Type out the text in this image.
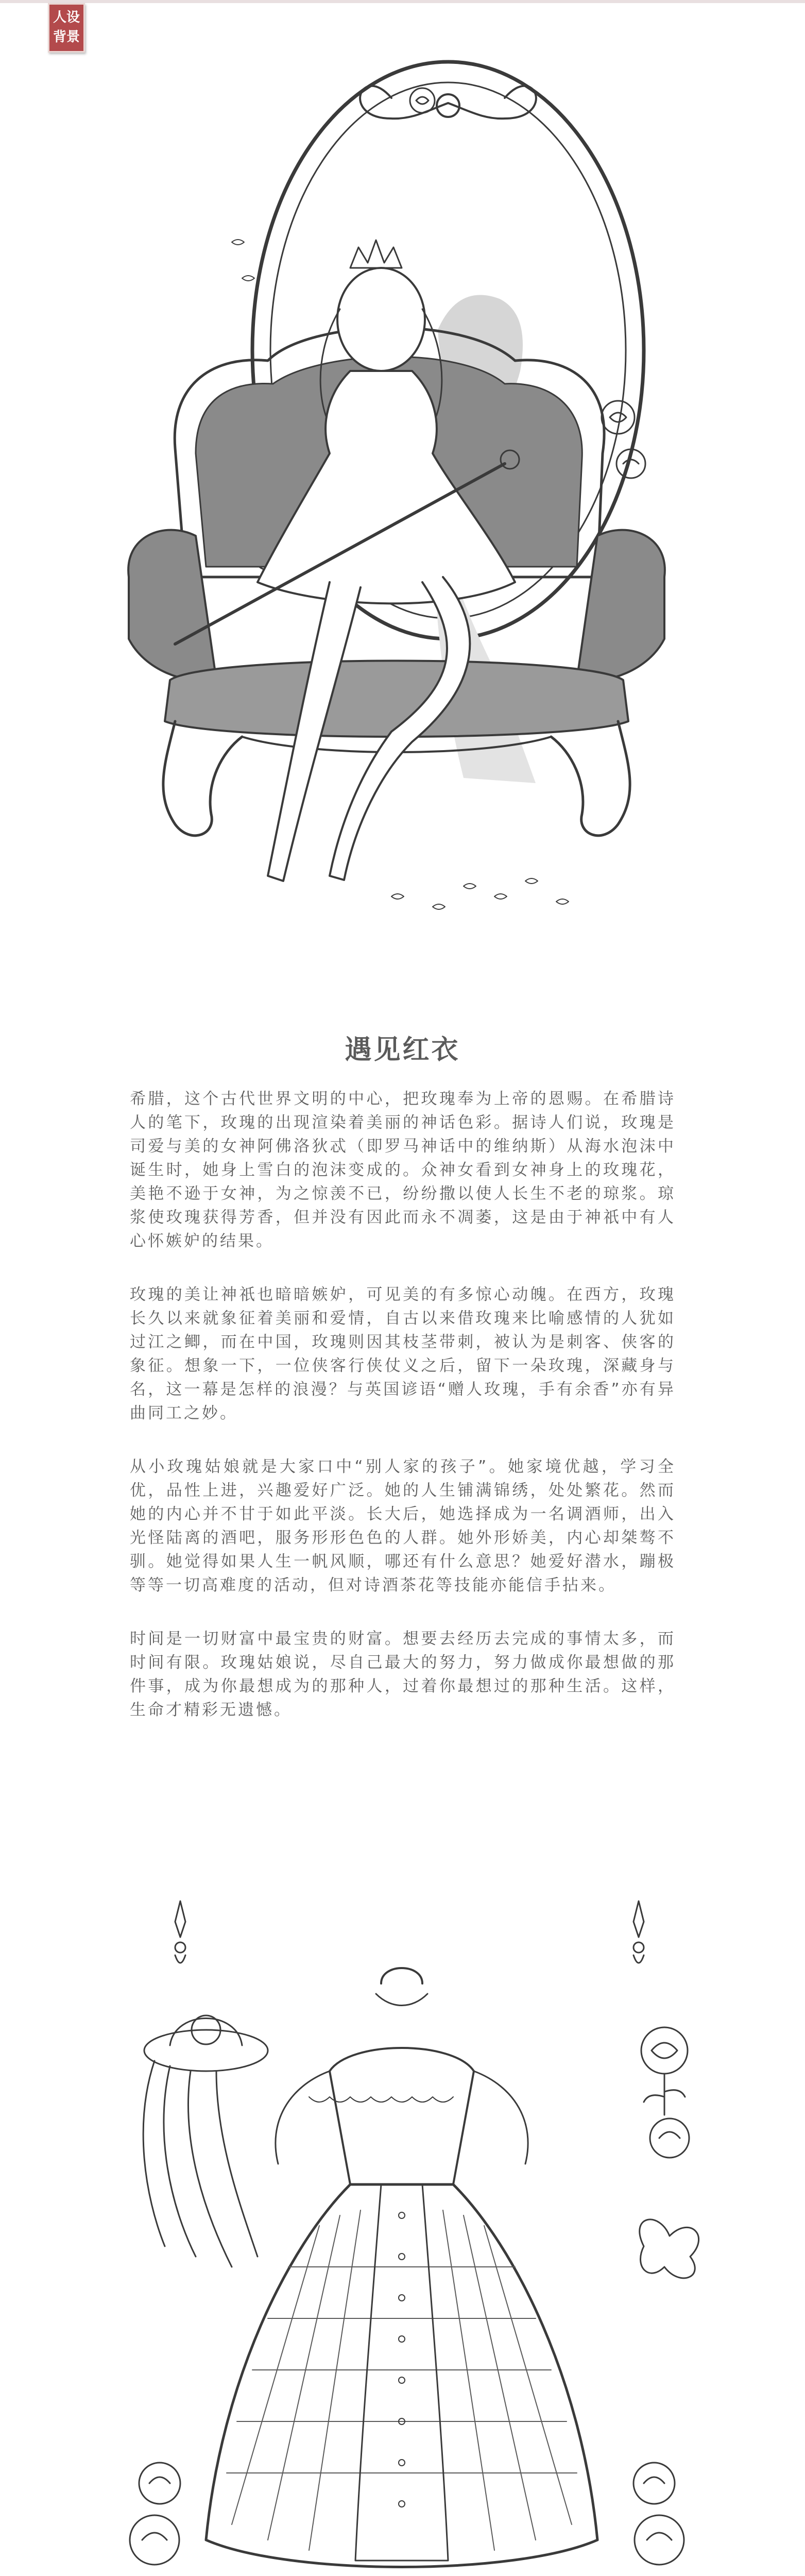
人设
背景
遇见红衣

希腊，这个古代世界文明的中心，把玫瑰奉为上帝的恩赐。在希腊诗人的笔下，玫瑰的出现渲染着美丽的神话色彩。据诗人们说，玫瑰是司爱与美的女神阿佛洛狄忒（即罗马神话中的维纳斯）从海水泡沫中诞生时，她身上雪白的泡沫变成的。众神女看到女神身上的玫瑰花，美艳不逊于女神，为之惊羡不已，纷纷撒以使人长生不老的琼浆。琼浆使玫瑰获得芳香，但并没有因此而永不凋萎，这是由于神祇中有人心怀嫉妒的结果。

玫瑰的美让神祇也暗暗嫉妒，可见美的有多惊心动魄。在西方，玫瑰长久以来就象征着美丽和爱情，自古以来借玫瑰来比喻感情的人犹如过江之鲫，而在中国，玫瑰则因其枝茎带刺，被认为是刺客、侠客的象征。想象一下，一位侠客行侠仗义之后，留下一朵玫瑰，深藏身与名，这一幕是怎样的浪漫？与英国谚语“赠人玫瑰，手有余香”亦有异曲同工之妙。

从小玫瑰姑娘就是大家口中“别人家的孩子”。她家境优越，学习全优，品性上进，兴趣爱好广泛。她的人生铺满锦绣，处处繁花。然而她的内心并不甘于如此平淡。长大后，她选择成为一名调酒师，出入光怪陆离的酒吧，服务形形色色的人群。她外形娇美，内心却桀骜不驯。她觉得如果人生一帆风顺，哪还有什么意思？她爱好潜水，蹦极等等一切高难度的活动，但对诗酒茶花等技能亦能信手拈来。

时间是一切财富中最宝贵的财富。想要去经历去完成的事情太多，而时间有限。玫瑰姑娘说，尽自己最大的努力，努力做成你最想做的那件事，成为你最想成为的那种人，过着你最想过的那种生活。这样，生命才精彩无遗憾。
